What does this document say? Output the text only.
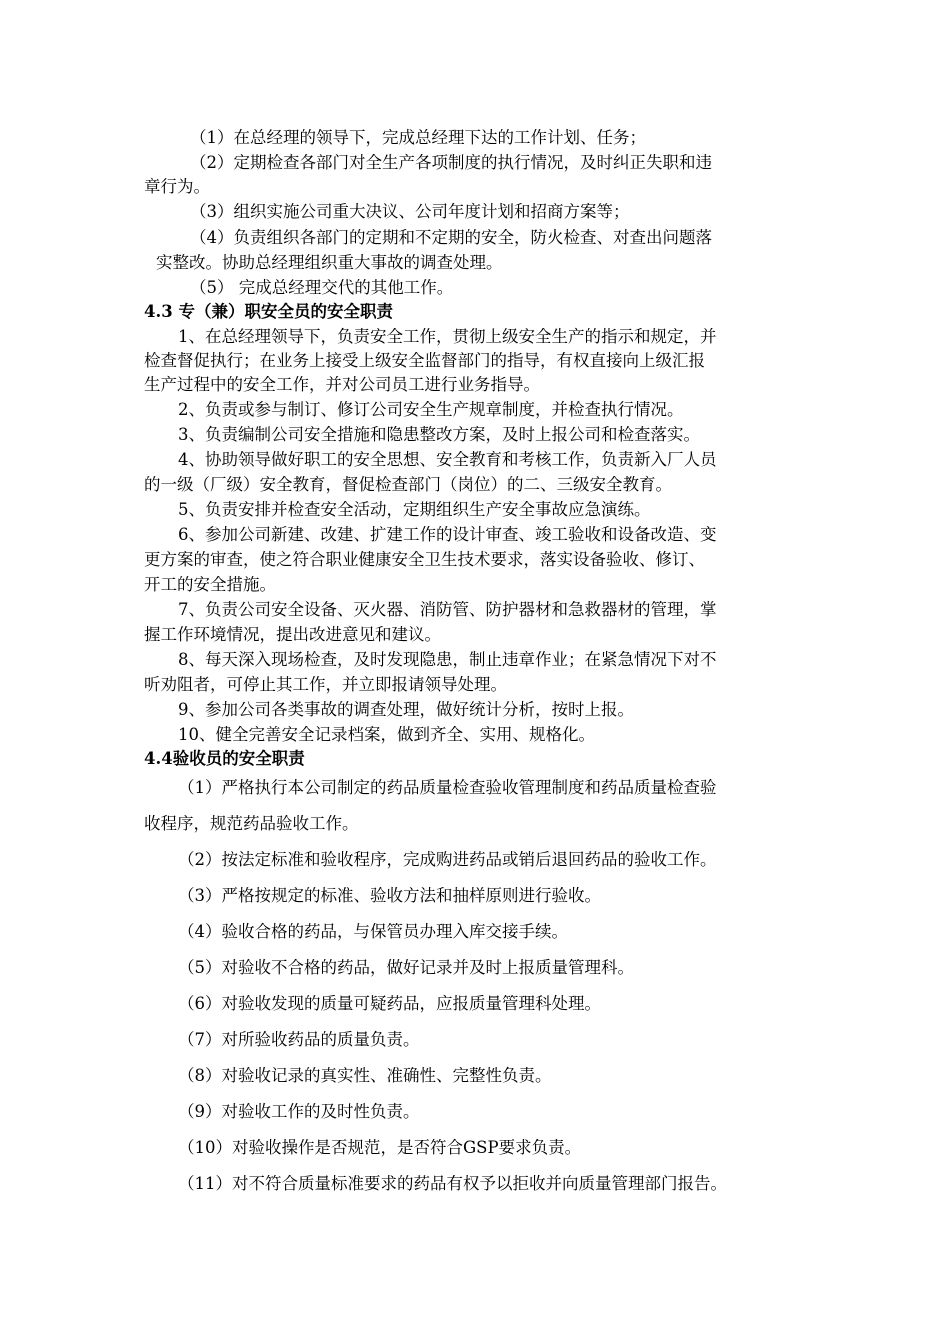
（1）在总经理的领导下，完成总经理下达的工作计划、任务；

（2）定期检查各部门对全生产各项制度的执行情况，及时纠正失职和违

章行为。

（3）组织实施公司重大决议、公司年度计划和招商方案等；

（4）负责组织各部门的定期和不定期的安全，防火检查、对查出问题落

实整改。协助总经理组织重大事故的调查处理。

（5） 完成总经理交代的其他工作。

4.3 专（兼）职安全员的安全职责

1、在总经理领导下，负责安全工作，贯彻上级安全生产的指示和规定，并

检查督促执行；在业务上接受上级安全监督部门的指导，有权直接向上级汇报

生产过程中的安全工作，并对公司员工进行业务指导。

2、负责或参与制订、修订公司安全生产规章制度，并检查执行情况。

3、负责编制公司安全措施和隐患整改方案，及时上报公司和检查落实。

4、协助领导做好职工的安全思想、安全教育和考核工作，负责新入厂人员

的一级（厂级）安全教育，督促检查部门（岗位）的二、三级安全教育。

5、负责安排并检查安全活动，定期组织生产安全事故应急演练。

6、参加公司新建、改建、扩建工作的设计审查、竣工验收和设备改造、变

更方案的审查，使之符合职业健康安全卫生技术要求，落实设备验收、修订、

开工的安全措施。

7、负责公司安全设备、灭火器、消防管、防护器材和急救器材的管理，掌

握工作环境情况，提出改进意见和建议。

8、每天深入现场检查，及时发现隐患，制止违章作业；在紧急情况下对不

听劝阻者，可停止其工作，并立即报请领导处理。

9、参加公司各类事故的调查处理，做好统计分析，按时上报。

10、健全完善安全记录档案，做到齐全、实用、规格化。

4.4验收员的安全职责

（1）严格执行本公司制定的药品质量检查验收管理制度和药品质量检查验

收程序，规范药品验收工作。

（2）按法定标准和验收程序，完成购进药品或销后退回药品的验收工作。

（3）严格按规定的标准、验收方法和抽样原则进行验收。

（4）验收合格的药品，与保管员办理入库交接手续。

（5）对验收不合格的药品，做好记录并及时上报质量管理科。

（6）对验收发现的质量可疑药品，应报质量管理科处理。

（7）对所验收药品的质量负责。

（8）对验收记录的真实性、准确性、完整性负责。

（9）对验收工作的及时性负责。

（10）对验收操作是否规范，是否符合GSP要求负责。

（11）对不符合质量标准要求的药品有权予以拒收并向质量管理部门报告。
